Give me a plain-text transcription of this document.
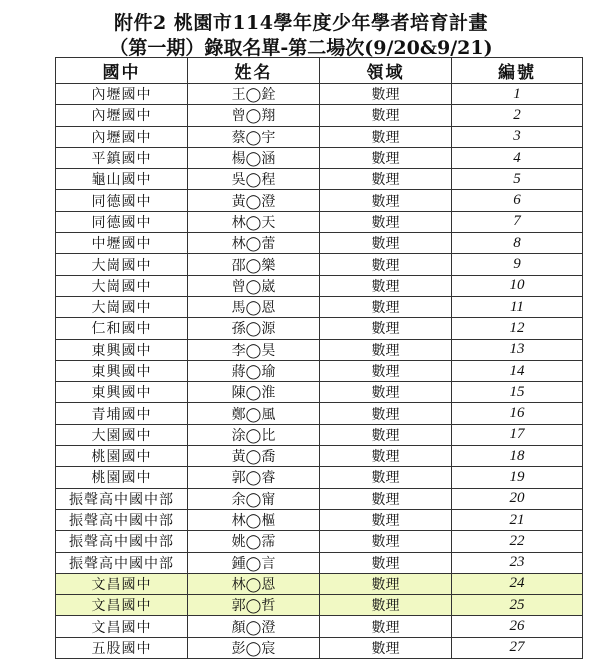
附件2 桃園市114學年度少年學者培育計畫
（第一期）錄取名單-第二場次(9/20&9/21)
國中	姓名	領域	編號
內壢國中	王◯銓	數理	1
內壢國中	曾◯翔	數理	2
內壢國中	蔡◯宇	數理	3
平鎮國中	楊◯涵	數理	4
龜山國中	吳◯程	數理	5
同德國中	黃◯澄	數理	6
同德國中	林◯天	數理	7
中壢國中	林◯蕾	數理	8
大崗國中	邵◯樂	數理	9
大崗國中	曾◯崴	數理	10
大崗國中	馬◯恩	數理	11
仁和國中	孫◯源	數理	12
東興國中	李◯昊	數理	13
東興國中	蔣◯瑜	數理	14
東興國中	陳◯淮	數理	15
青埔國中	鄭◯風	數理	16
大園國中	涂◯比	數理	17
桃園國中	黃◯喬	數理	18
桃園國中	郭◯睿	數理	19
振聲高中國中部	余◯甯	數理	20
振聲高中國中部	林◯樞	數理	21
振聲高中國中部	姚◯霈	數理	22
振聲高中國中部	鍾◯言	數理	23
文昌國中	林◯恩	數理	24
文昌國中	郭◯哲	數理	25
文昌國中	顏◯澄	數理	26
五股國中	彭◯宸	數理	27
